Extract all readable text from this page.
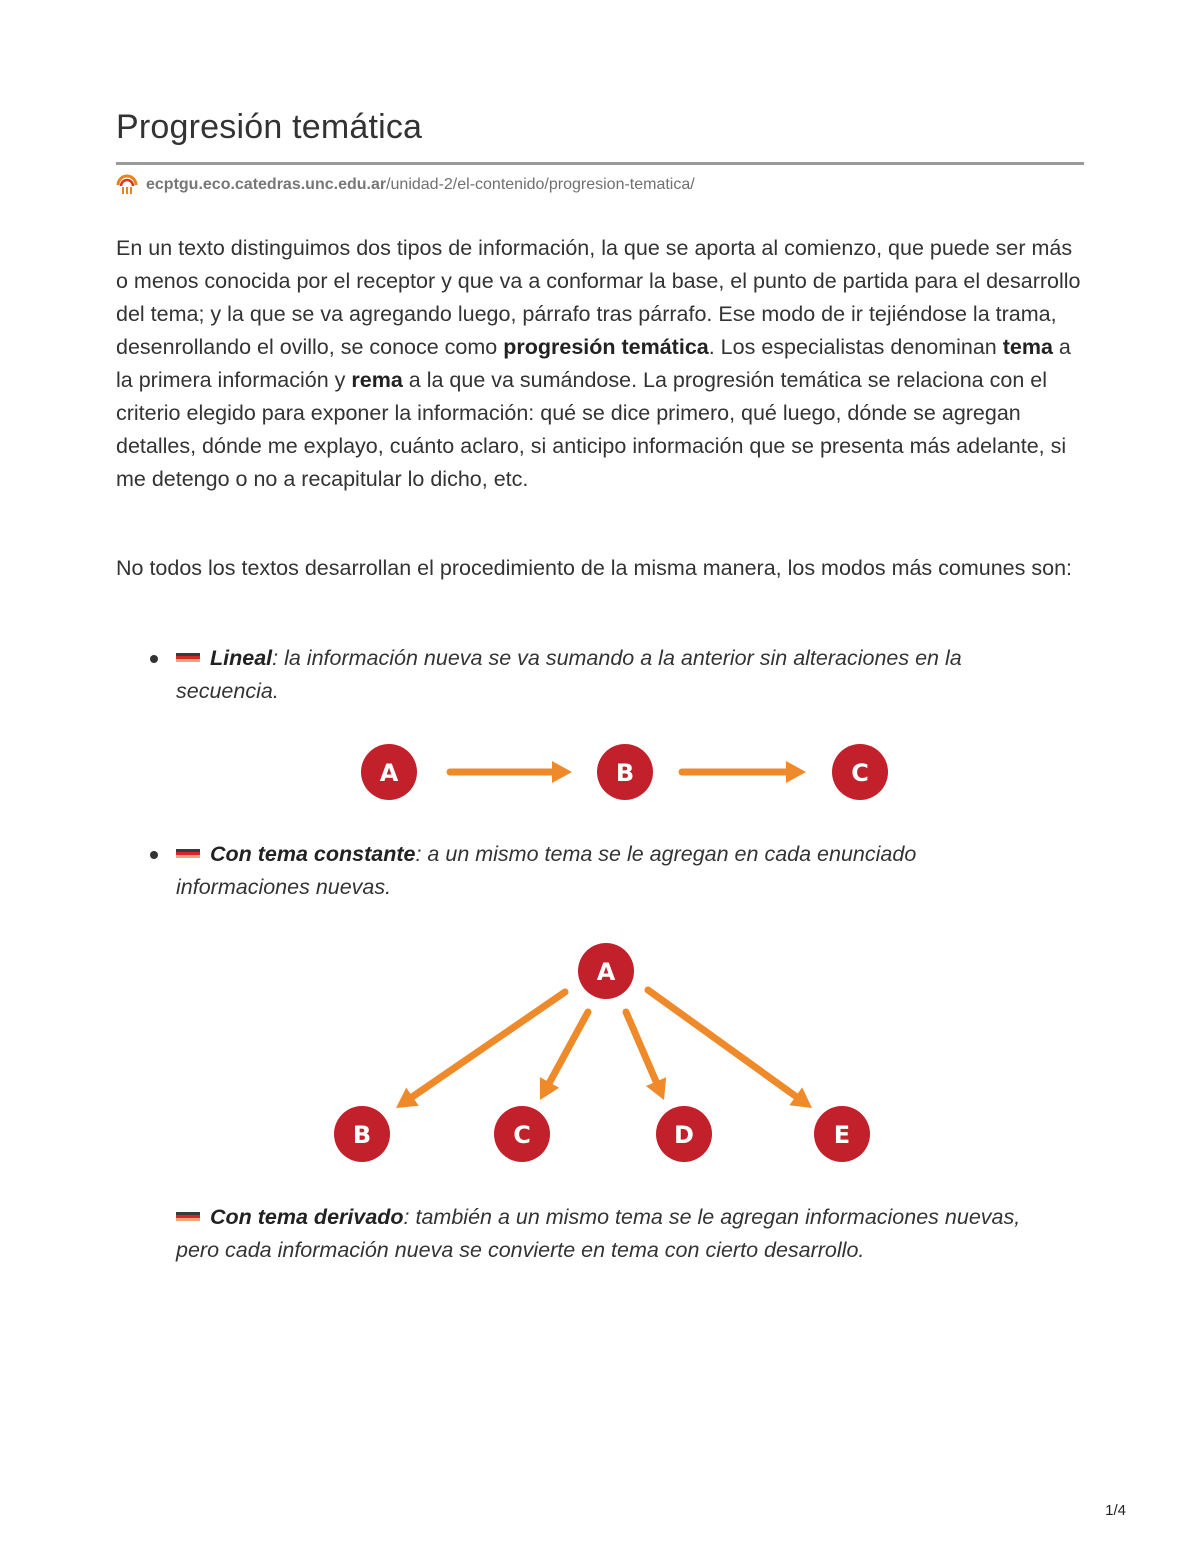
Progresión temática
ecptgu.eco.catedras.unc.edu.ar /unidad-2/el-contenido/progresion-tematica/

En un texto distinguimos dos tipos de información, la que se aporta al comienzo, que puede ser más o menos conocida por el receptor y que va a conformar la base, el punto de partida para el desarrollo del tema; y la que se va agregando luego, párrafo tras párrafo. Ese modo de ir tejiéndose la trama, desenrollando el ovillo, se conoce como progresión temática. Los especialistas denominan tema a la primera información y rema a la que va sumándose. La progresión temática se relaciona con el criterio elegido para exponer la información: qué se dice primero, qué luego, dónde se agregan detalles, dónde me explayo, cuánto aclaro, si anticipo información que se presenta más adelante, si me detengo o no a recapitular lo dicho, etc.

No todos los textos desarrollan el procedimiento de la misma manera, los modos más comunes son:

Lineal: la información nueva se va sumando a la anterior sin alteraciones en la secuencia.
A	B	C
Con tema constante: a un mismo tema se le agregan en cada enunciado informaciones nuevas.
A
B	C	D	E
Con tema derivado: también a un mismo tema se le agregan informaciones nuevas, pero cada información nueva se convierte en tema con cierto desarrollo.
1/4
